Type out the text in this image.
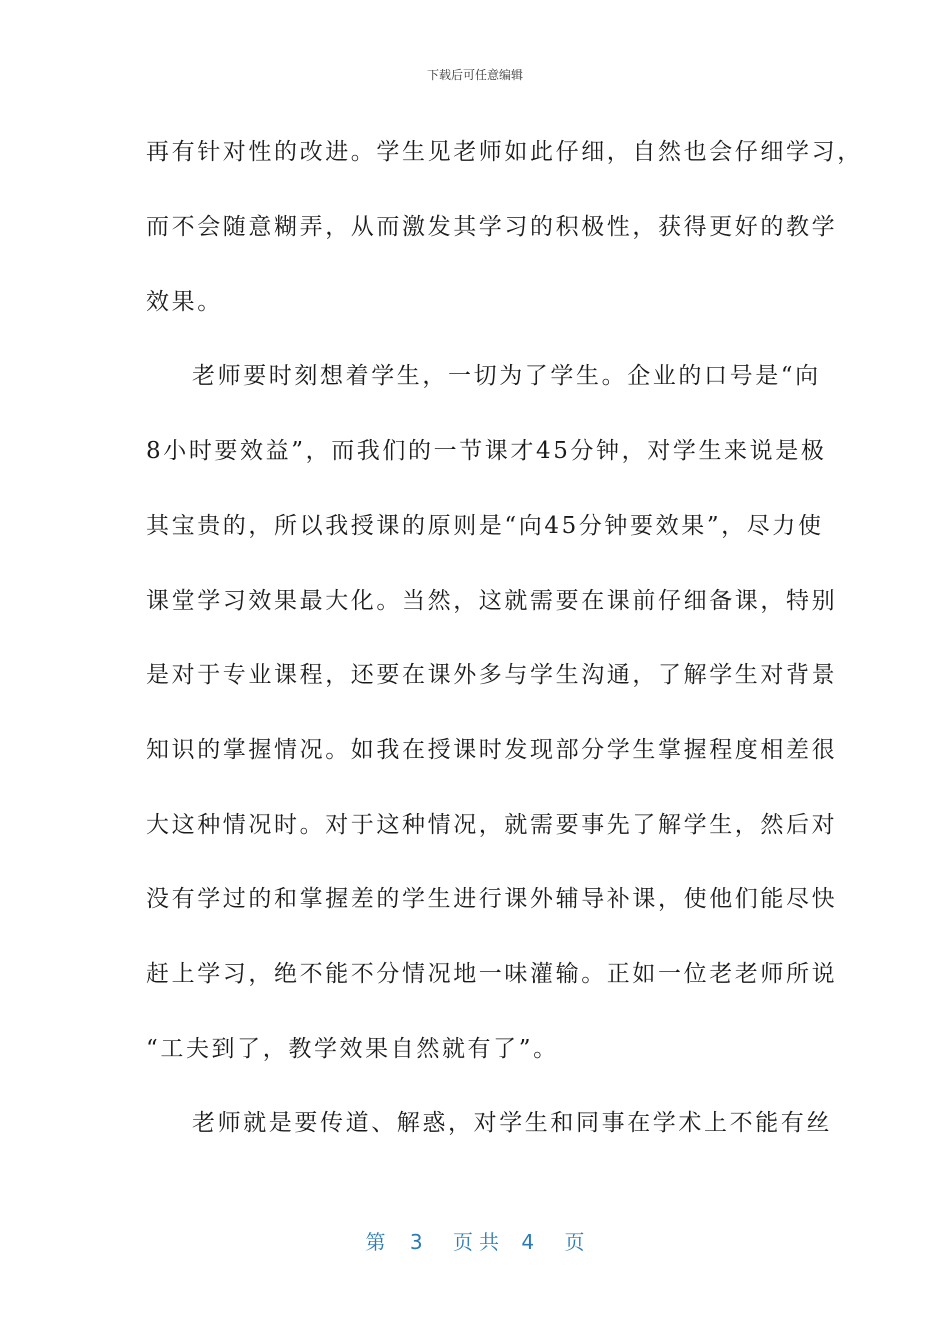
下载后可任意编辑
再有针对性的改进。学生见老师如此仔细，自然也会仔细学习，
而不会随意糊弄，从而激发其学习的积极性，获得更好的教学
效果。
老师要时刻想着学生，一切为了学生。企业的口号是“向
8小时要效益”，而我们的一节课才45分钟，对学生来说是极
其宝贵的，所以我授课的原则是“向45分钟要效果”，尽力使
课堂学习效果最大化。当然，这就需要在课前仔细备课，特别
是对于专业课程，还要在课外多与学生沟通，了解学生对背景
知识的掌握情况。如我在授课时发现部分学生掌握程度相差很
大这种情况时。对于这种情况，就需要事先了解学生，然后对
没有学过的和掌握差的学生进行课外辅导补课，使他们能尽快
赶上学习，绝不能不分情况地一味灌输。正如一位老老师所说
“工夫到了，教学效果自然就有了”。
老师就是要传道、解惑，对学生和同事在学术上不能有丝
第 3 页共 4 页
